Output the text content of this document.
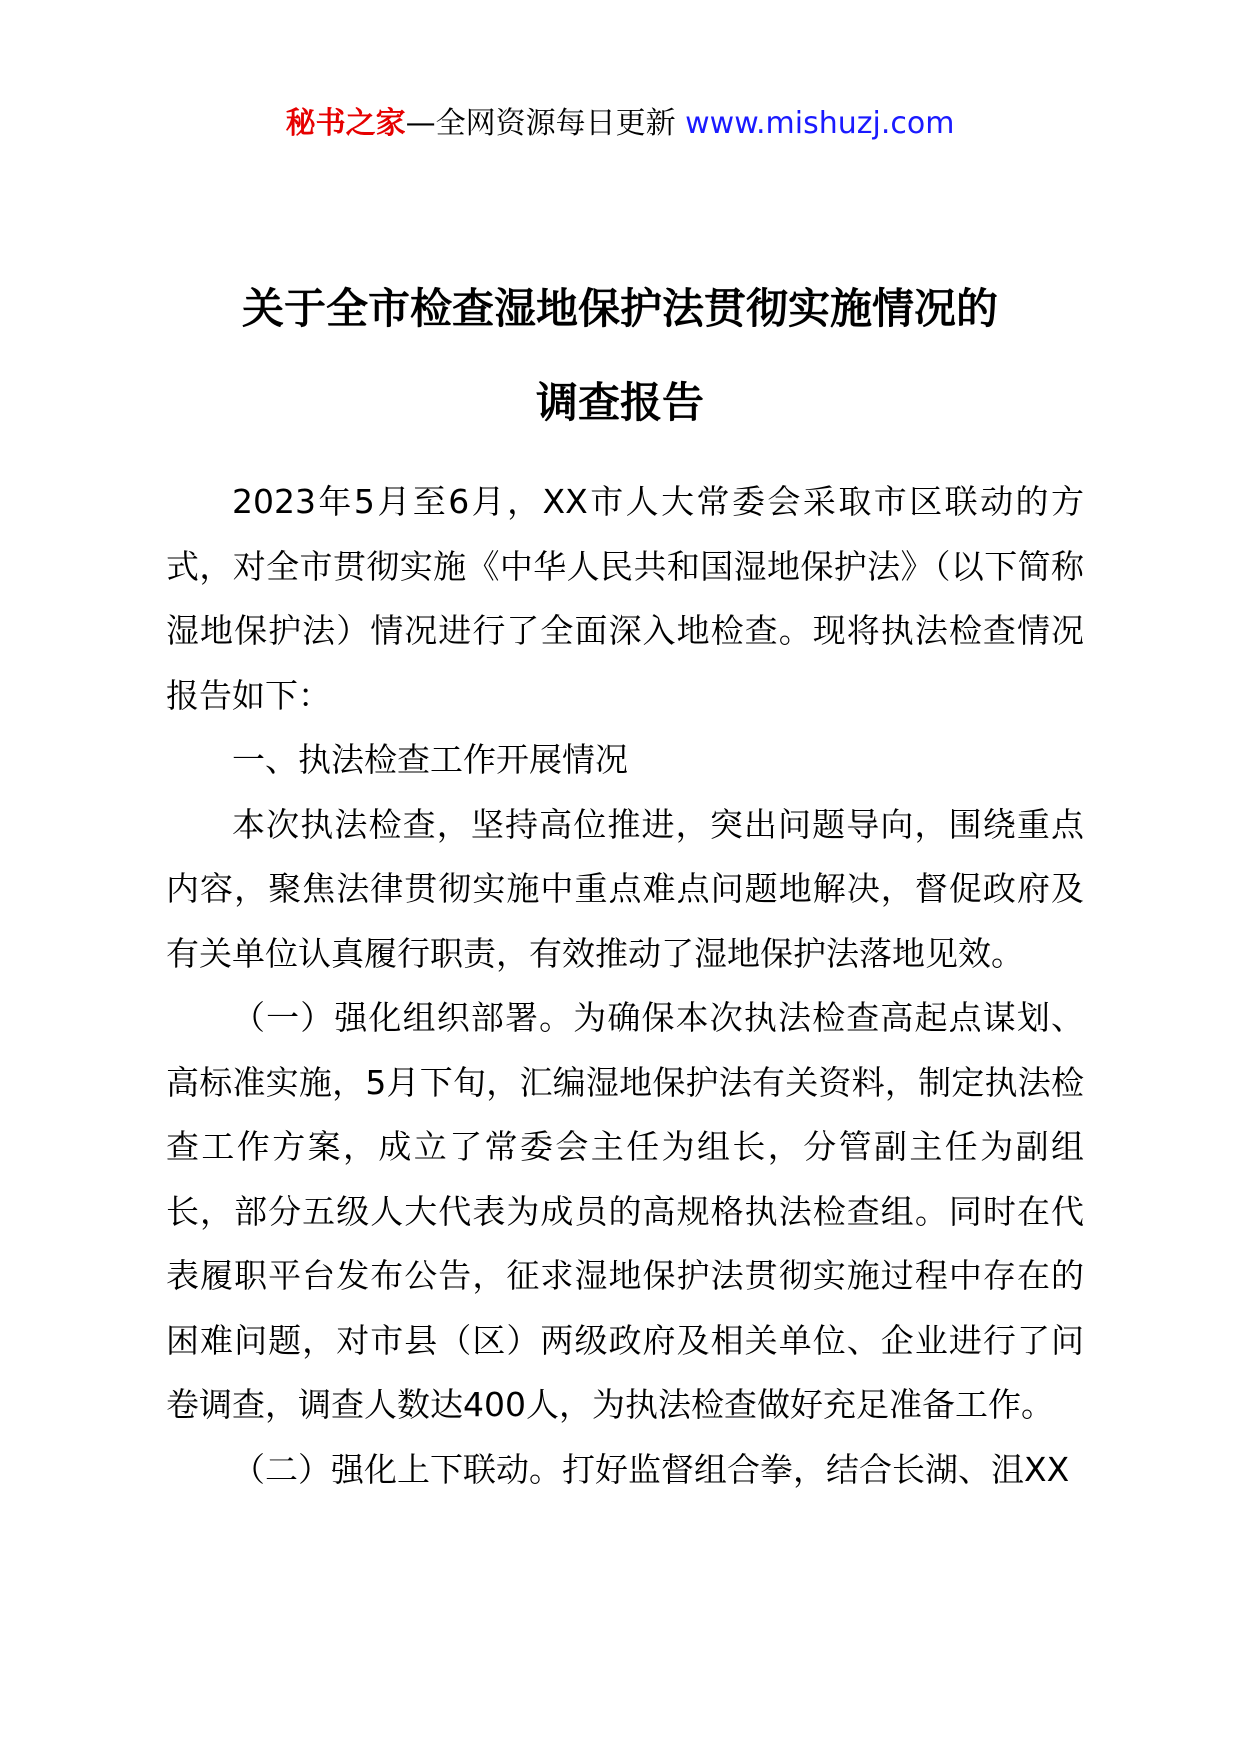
秘书之家—全网资源每日更新 www.mishuzj.com
关于全市检查湿地保护法贯彻实施情况的
调查报告

2023年5月至6月，XX市人大常委会采取市区联动的方式，对全市贯彻实施《中华人民共和国湿地保护法》（以下简称湿地保护法）情况进行了全面深入地检查。现将执法检查情况报告如下：

一、执法检查工作开展情况

本次执法检查，坚持高位推进，突出问题导向，围绕重点内容，聚焦法律贯彻实施中重点难点问题地解决，督促政府及有关单位认真履行职责，有效推动了湿地保护法落地见效。

（一）强化组织部署。为确保本次执法检查高起点谋划、高标准实施，5月下旬，汇编湿地保护法有关资料，制定执法检查工作方案，成立了常委会主任为组长，分管副主任为副组长，部分五级人大代表为成员的高规格执法检查组。同时在代表履职平台发布公告，征求湿地保护法贯彻实施过程中存在的困难问题，对市县（区）两级政府及相关单位、企业进行了问卷调查，调查人数达400人，为执法检查做好充足准备工作。

（二）强化上下联动。打好监督组合拳，结合长湖、沮XX
